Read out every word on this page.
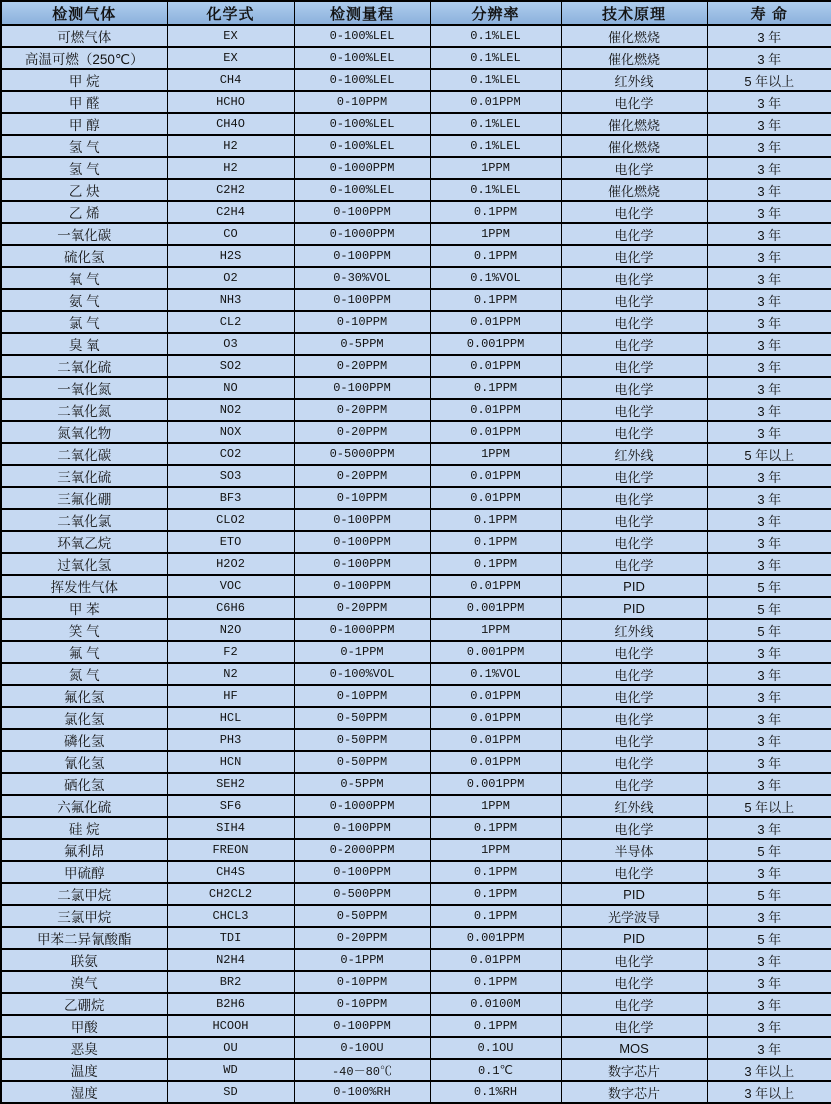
检测气体	化学式	检测量程	分辨率	技术原理	寿 命
可燃气体	EX	0-100%LEL	0.1%LEL	催化燃烧	3 年
高温可燃（250℃）	EX	0-100%LEL	0.1%LEL	催化燃烧	3 年
甲 烷	CH4	0-100%LEL	0.1%LEL	红外线	5 年以上
甲 醛	HCHO	0-10PPM	0.01PPM	电化学	3 年
甲 醇	CH4O	0-100%LEL	0.1%LEL	催化燃烧	3 年
氢 气	H2	0-100%LEL	0.1%LEL	催化燃烧	3 年
氢 气	H2	0-1000PPM	1PPM	电化学	3 年
乙 炔	C2H2	0-100%LEL	0.1%LEL	催化燃烧	3 年
乙 烯	C2H4	0-100PPM	0.1PPM	电化学	3 年
一氧化碳	CO	0-1000PPM	1PPM	电化学	3 年
硫化氢	H2S	0-100PPM	0.1PPM	电化学	3 年
氧 气	O2	0-30%VOL	0.1%VOL	电化学	3 年
氨 气	NH3	0-100PPM	0.1PPM	电化学	3 年
氯 气	CL2	0-10PPM	0.01PPM	电化学	3 年
臭 氧	O3	0-5PPM	0.001PPM	电化学	3 年
二氧化硫	SO2	0-20PPM	0.01PPM	电化学	3 年
一氧化氮	NO	0-100PPM	0.1PPM	电化学	3 年
二氧化氮	NO2	0-20PPM	0.01PPM	电化学	3 年
氮氧化物	NOX	0-20PPM	0.01PPM	电化学	3 年
二氧化碳	CO2	0-5000PPM	1PPM	红外线	5 年以上
三氧化硫	SO3	0-20PPM	0.01PPM	电化学	3 年
三氟化硼	BF3	0-10PPM	0.01PPM	电化学	3 年
二氧化氯	CLO2	0-100PPM	0.1PPM	电化学	3 年
环氧乙烷	ETO	0-100PPM	0.1PPM	电化学	3 年
过氧化氢	H2O2	0-100PPM	0.1PPM	电化学	3 年
挥发性气体	VOC	0-100PPM	0.01PPM	PID	5 年
甲 苯	C6H6	0-20PPM	0.001PPM	PID	5 年
笑 气	N2O	0-1000PPM	1PPM	红外线	5 年
氟 气	F2	0-1PPM	0.001PPM	电化学	3 年
氮 气	N2	0-100%VOL	0.1%VOL	电化学	3 年
氟化氢	HF	0-10PPM	0.01PPM	电化学	3 年
氯化氢	HCL	0-50PPM	0.01PPM	电化学	3 年
磷化氢	PH3	0-50PPM	0.01PPM	电化学	3 年
氰化氢	HCN	0-50PPM	0.01PPM	电化学	3 年
硒化氢	SEH2	0-5PPM	0.001PPM	电化学	3 年
六氟化硫	SF6	0-1000PPM	1PPM	红外线	5 年以上
硅 烷	SIH4	0-100PPM	0.1PPM	电化学	3 年
氟利昂	FREON	0-2000PPM	1PPM	半导体	5 年
甲硫醇	CH4S	0-100PPM	0.1PPM	电化学	3 年
二氯甲烷	CH2CL2	0-500PPM	0.1PPM	PID	5 年
三氯甲烷	CHCL3	0-50PPM	0.1PPM	光学波导	3 年
甲苯二异氰酸酯	TDI	0-20PPM	0.001PPM	PID	5 年
联氨	N2H4	0-1PPM	0.01PPM	电化学	3 年
溴气	BR2	0-10PPM	0.1PPM	电化学	3 年
乙硼烷	B2H6	0-10PPM	0.0100M	电化学	3 年
甲酸	HCOOH	0-100PPM	0.1PPM	电化学	3 年
恶臭	OU	0-10OU	0.1OU	MOS	3 年
温度	WD	-40－80℃	0.1℃	数字芯片	3 年以上
湿度	SD	0-100%RH	0.1%RH	数字芯片	3 年以上
